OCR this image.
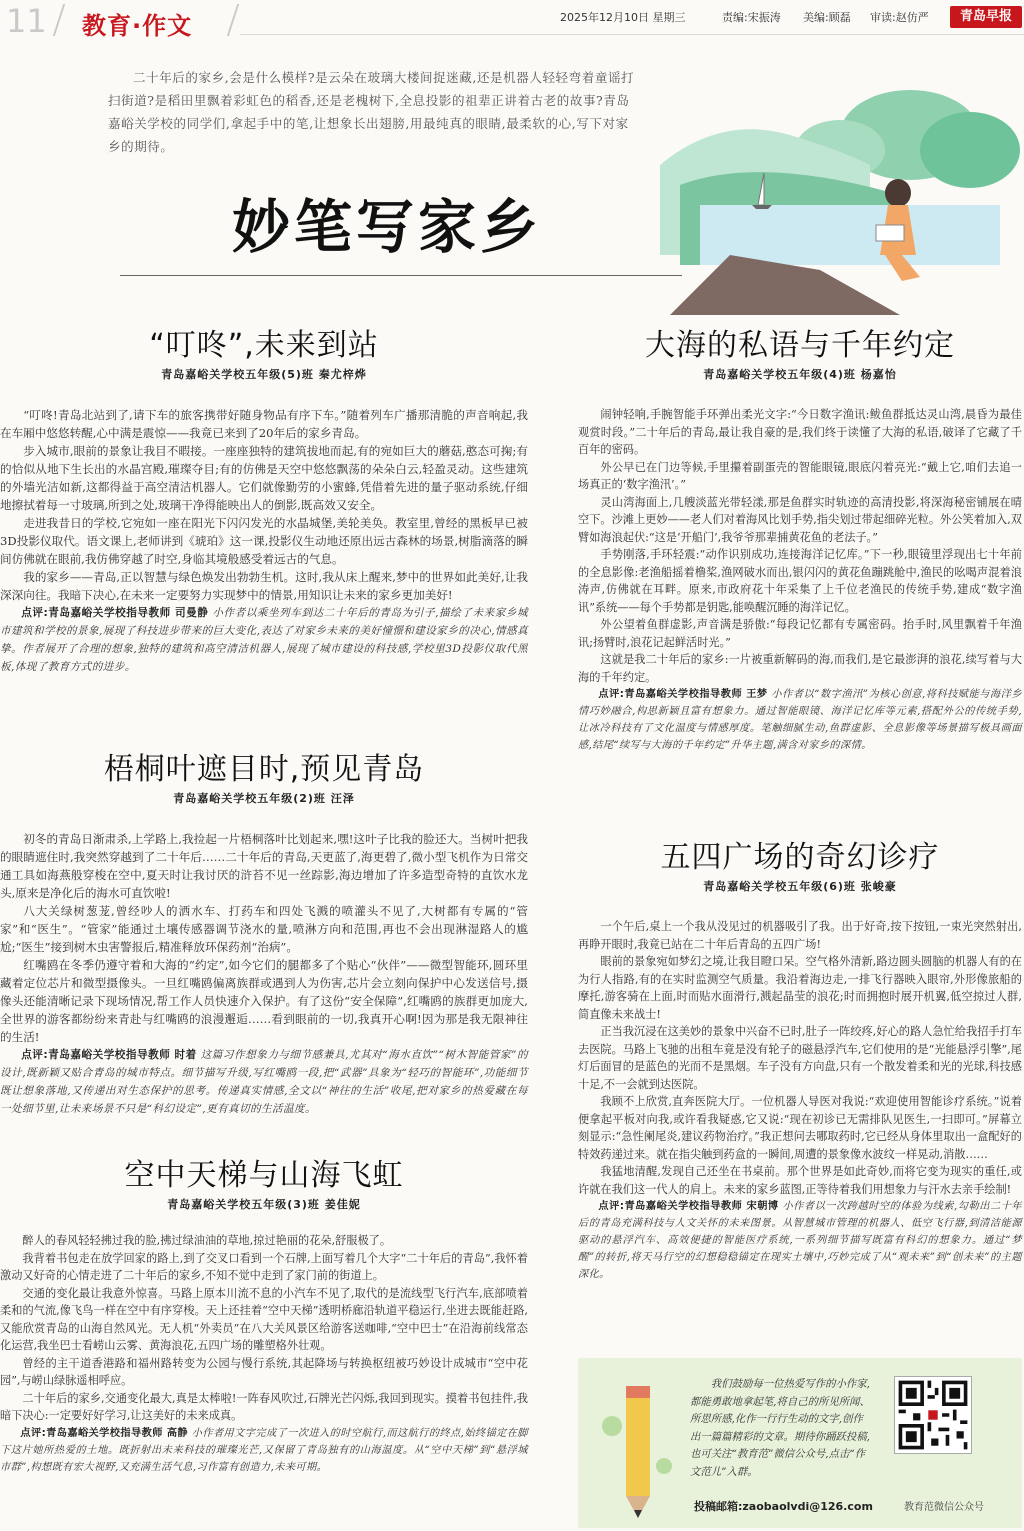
11 教育·作文	2025年12月10日 星期三	责编:宋振涛 美编:顾磊 审读:赵仿严	青岛早报
二十年后的家乡,会是什么模样?是云朵在玻璃大楼间捉迷藏,还是机器人轻轻弯着童谣打扫街道?是稻田里飘着彩虹色的稻香,还是老槐树下,全息投影的祖辈正讲着古老的故事?青岛嘉峪关学校的同学们,拿起手中的笔,让想象长出翅膀,用最纯真的眼睛,最柔软的心,写下对家乡的期待。
妙笔写家乡
“叮咚”,未来到站
青岛嘉峪关学校五年级(5)班 秦尤梓烨

“叮咚!青岛北站到了,请下车的旅客携带好随身物品有序下车。”随着列车广播那清脆的声音响起,我在车厢中悠悠转醒,心中满是震惊——我竟已来到了20年后的家乡青岛。

步入城市,眼前的景象让我目不暇接。一座座独特的建筑拔地而起,有的宛如巨大的蘑菇,憨态可掬;有的恰似从地下生长出的水晶宫殿,璀璨夺目;有的仿佛是天空中悠悠飘荡的朵朵白云,轻盈灵动。这些建筑的外墙光洁如新,这都得益于高空清洁机器人。它们就像勤劳的小蜜蜂,凭借着先进的量子驱动系统,仔细地擦拭着每一寸玻璃,所到之处,玻璃干净得能映出人的倒影,既高效又安全。

走进我昔日的学校,它宛如一座在阳光下闪闪发光的水晶城堡,美轮美奂。教室里,曾经的黑板早已被3D投影仪取代。语文课上,老师讲到《琥珀》这一课,投影仪生动地还原出远古森林的场景,树脂滴落的瞬间仿佛就在眼前,我仿佛穿越了时空,身临其境般感受着远古的气息。

我的家乡——青岛,正以智慧与绿色焕发出勃勃生机。这时,我从床上醒来,梦中的世界如此美好,让我深深向往。我暗下决心,在未来一定要努力实现梦中的情景,用知识让未来的家乡更加美好!

点评:青岛嘉峪关学校指导教师 司曼静 小作者以乘坐列车到达二十年后的青岛为引子,描绘了未来家乡城市建筑和学校的景象,展现了科技进步带来的巨大变化,表达了对家乡未来的美好憧憬和建设家乡的决心,情感真挚。作者展开了合理的想象,独特的建筑和高空清洁机器人,展现了城市建设的科技感,学校里3D投影仪取代黑板,体现了教育方式的进步。

梧桐叶遮目时,预见青岛
青岛嘉峪关学校五年级(2)班 汪泽

初冬的青岛日渐肃杀,上学路上,我捡起一片梧桐落叶比划起来,嘿!这叶子比我的脸还大。当树叶把我的眼睛遮住时,我突然穿越到了二十年后……二十年后的青岛,天更蓝了,海更碧了,微小型飞机作为日常交通工具如海燕般穿梭在空中,夏天时让我讨厌的浒苔不见一丝踪影,海边增加了许多造型奇特的直饮水龙头,原来是净化后的海水可直饮啦!

八大关绿树葱茏,曾经吵人的洒水车、打药车和四处飞溅的喷灌头不见了,大树都有专属的“管家”和“医生”。“管家”能通过土壤传感器调节浇水的量,喷淋方向和范围,再也不会出现淋湿路人的尴尬;“医生”接到树木虫害警报后,精准释放环保药剂“治病”。

红嘴鸥在冬季仍遵守着和大海的“约定”,如今它们的腿都多了个贴心“伙伴”——微型智能环,圆环里藏着定位芯片和微型摄像头。一旦红嘴鸥偏离族群或遇到人为伤害,芯片会立刻向保护中心发送信号,摄像头还能清晰记录下现场情况,帮工作人员快速介入保护。有了这份“安全保障”,红嘴鸥的族群更加庞大,全世界的游客都纷纷来青赴与红嘴鸥的浪漫邂逅……看到眼前的一切,我真开心啊!因为那是我无限神往的生活!

点评:青岛嘉峪关学校指导教师 时着 这篇习作想象力与细节感兼具,尤其对“海水直饮”“树木智能管家”的设计,既新颖又贴合青岛的城市特点。细节描写升级,写红嘴鸥一段,把“武器”具象为“轻巧的智能环”,功能细节既让想象落地,又传递出对生态保护的思考。传递真实情感,全文以“神往的生活”收尾,把对家乡的热爱藏在每一处细节里,让未来场景不只是“科幻设定”,更有真切的生活温度。

空中天梯与山海飞虹
青岛嘉峪关学校五年级(3)班 姜佳妮

醉人的春风轻轻拂过我的脸,拂过绿油油的草地,掠过艳丽的花朵,舒服极了。

我背着书包走在放学回家的路上,到了交叉口看到一个石牌,上面写着几个大字“二十年后的青岛”,我怀着激动又好奇的心情走进了二十年后的家乡,不知不觉中走到了家门前的街道上。

交通的变化最让我意外惊喜。马路上原本川流不息的小汽车不见了,取代的是流线型飞行汽车,底部喷着柔和的气流,像飞鸟一样在空中有序穿梭。天上还挂着“空中天梯”透明桥廊沿轨道平稳运行,坐进去既能赶路,又能欣赏青岛的山海自然风光。无人机“外卖员”在八大关风景区给游客送咖啡,“空中巴士”在沿海前线常态化运营,我坐巴士看崂山云雾、黄海浪花,五四广场的雕塑格外壮观。

曾经的主干道香港路和福州路转变为公园与慢行系统,其起降场与转换枢纽被巧妙设计成城市“空中花园”,与崂山绿脉遥相呼应。

二十年后的家乡,交通变化最大,真是太棒啦!一阵春风吹过,石牌光芒闪烁,我回到现实。摸着书包挂件,我暗下决心:一定要好好学习,让这美好的未来成真。

点评:青岛嘉峪关学校指导教师 高静 小作者用文字完成了一次进入的时空航行,而这航行的终点,始终锚定在脚下这片她所热爱的土地。既折射出未来科技的璀璨光芒,又保留了青岛独有的山海温度。从“空中天梯”到“悬浮城市群”,构想既有宏大视野,又充满生活气息,习作富有创造力,未来可期。

大海的私语与千年约定
青岛嘉峪关学校五年级(4)班 杨嘉怡

闹钟轻响,手腕智能手环弹出柔光文字:“今日数字渔讯:鲅鱼群抵达灵山湾,晨昏为最佳观赏时段。”二十年后的青岛,最让我自豪的是,我们终于读懂了大海的私语,破译了它藏了千百年的密码。

外公早已在门边等候,手里攥着副蛋壳的智能眼镜,眼底闪着亮光:“戴上它,咱们去追一场真正的‘数字渔汛’。”

灵山湾海面上,几艘淡蓝光带轻漾,那是鱼群实时轨迹的高清投影,将深海秘密铺展在晴空下。沙滩上更妙——老人们对着海风比划手势,指尖划过带起细碎光粒。外公笑着加入,双臂如海浪起伏:“这是‘开船门’,我爷爷那辈捕黄花鱼的老法子。”

手势刚落,手环轻震:“动作识别成功,连接海洋记忆库。”下一秒,眼镜里浮现出七十年前的全息影像:老渔船摇着橹桨,渔网破水而出,银闪闪的黄花鱼蹦跳舱中,渔民的吆喝声混着浪涛声,仿佛就在耳畔。原来,市政府花十年采集了上千位老渔民的传统手势,建成“数字渔讯”系统——每个手势都是钥匙,能唤醒沉睡的海洋记忆。

外公望着鱼群虚影,声音满是骄傲:“每段记忆都有专属密码。抬手时,风里飘着千年渔讯;扬臂时,浪花记起鲜活时光。”

这就是我二十年后的家乡:一片被重新解码的海,而我们,是它最澎湃的浪花,续写着与大海的千年约定。

点评:青岛嘉峪关学校指导教师 王梦 小作者以“数字渔汛”为核心创意,将科技赋能与海洋乡情巧妙融合,构思新颖且富有想象力。通过智能眼镜、海洋记忆库等元素,搭配外公的传统手势,让冰冷科技有了文化温度与情感厚度。笔触细腻生动,鱼群虚影、全息影像等场景描写极具画面感,结尾“续写与大海的千年约定”升华主题,满含对家乡的深情。

五四广场的奇幻诊疗
青岛嘉峪关学校五年级(6)班 张峻豪

一个午后,桌上一个我从没见过的机器吸引了我。出于好奇,按下按钮,一束光突然射出,再睁开眼时,我竟已站在二十年后青岛的五四广场!

眼前的景象宛如梦幻之境,让我目瞪口呆。空气格外清新,路边圆头圆脑的机器人有的在为行人指路,有的在实时监测空气质量。我沿着海边走,一排飞行器映入眼帘,外形像旅船的摩托,游客骑在上面,时而贴水面滑行,溅起晶莹的浪花;时而拥抱时展开机翼,低空掠过人群,简直像未来战士!

正当我沉浸在这美妙的景象中兴奋不已时,肚子一阵绞疼,好心的路人急忙给我招手打车去医院。马路上飞驰的出租车竟是没有轮子的磁悬浮汽车,它们使用的是“光能悬浮引擎”,尾灯后面冒的是蓝色的光而不是黑烟。车子没有方向盘,只有一个散发着柔和光的光球,科技感十足,不一会就到达医院。

我顾不上欣赏,直奔医院大厅。一位机器人导医对我说:“欢迎使用智能诊疗系统。”说着便拿起平板对向我,或许看我疑惑,它又说:“现在初诊已无需排队见医生,一扫即可。”屏幕立刻显示:“急性阑尾炎,建议药物治疗。”我正想问去哪取药时,它已经从身体里取出一盒配好的特效药递过来。就在指尖触到药盒的一瞬间,周遭的景象像水波纹一样晃动,消散……

我猛地清醒,发现自己还坐在书桌前。那个世界是如此奇妙,而将它变为现实的重任,或许就在我们这一代人的肩上。未来的家乡蓝图,正等待着我们用想象力与汗水去亲手绘制!

点评:青岛嘉峪关学校指导教师 宋朝博 小作者以一次跨越时空的体验为线索,勾勒出二十年后的青岛充满科技与人文关怀的未来图景。从智慧城市管理的机器人、低空飞行器,到清洁能源驱动的悬浮汽车、高效便捷的智能医疗系统,一系列细节描写既富有科幻的想象力。通过“梦醒”的转折,将天马行空的幻想稳稳锚定在现实土壤中,巧妙完成了从“观未来”到“创未来”的主题深化。

我们鼓励每一位热爱写作的小作家,都能勇敢地拿起笔,将自己的所见所闻、所思所感,化作一行行生动的文字,创作出一篇篇精彩的文章。期待你踊跃投稿,也可关注“教育范”微信公众号,点击“作文范儿”入群。
投稿邮箱:zaobaolvdi@126.com	教育范微信公众号
